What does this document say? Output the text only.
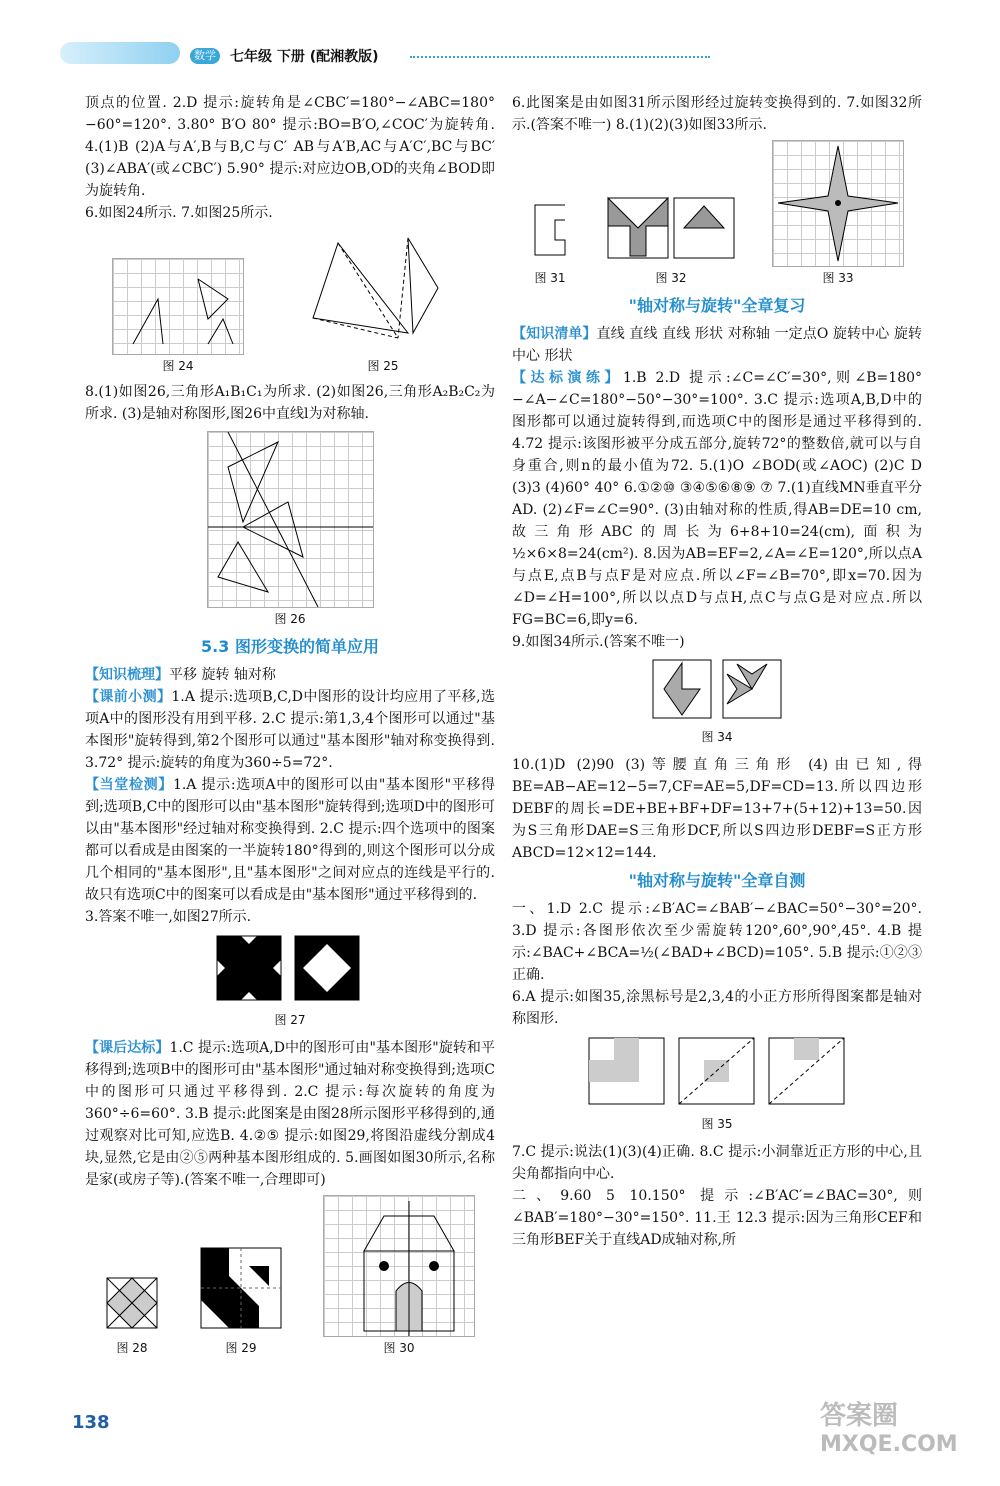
数学 七年级 下册 (配湘教版)

顶点的位置. 2.D 提示:旋转角是∠CBC′=180°−∠ABC=180°−60°=120°. 3.80° B′O 80° 提示:BO=B′O,∠COC′为旋转角. 4.(1)B (2)A与A′,B与B,C与C′ AB与A′B,AC与A′C′,BC与BC′ (3)∠ABA′(或∠CBC′) 5.90° 提示:对应边OB,OD的夹角∠BOD即为旋转角.

6.如图24所示. 7.如图25所示.

图 24	图 25

8.(1)如图26,三角形A₁B₁C₁为所求. (2)如图26,三角形A₂B₂C₂为所求. (3)是轴对称图形,图26中直线l为对称轴.

图 26
5.3 图形变换的简单应用

【知识梳理】平移 旋转 轴对称

【课前小测】1.A 提示:选项B,C,D中图形的设计均应用了平移,选项A中的图形没有用到平移. 2.C 提示:第1,3,4个图形可以通过"基本图形"旋转得到,第2个图形可以通过"基本图形"轴对称变换得到. 3.72° 提示:旋转的角度为360÷5=72°.

【当堂检测】1.A 提示:选项A中的图形可以由"基本图形"平移得到;选项B,C中的图形可以由"基本图形"旋转得到;选项D中的图形可以由"基本图形"经过轴对称变换得到. 2.C 提示:四个选项中的图案都可以看成是由图案的一半旋转180°得到的,则这个图形可以分成几个相同的"基本图形",且"基本图形"之间对应点的连线是平行的.故只有选项C中的图案可以看成是由"基本图形"通过平移得到的.

3.答案不唯一,如图27所示.

图 27

【课后达标】1.C 提示:选项A,D中的图形可由"基本图形"旋转和平移得到;选项B中的图形可由"基本图形"通过轴对称变换得到;选项C中的图形可只通过平移得到. 2.C 提示:每次旋转的角度为360°÷6=60°. 3.B 提示:此图案是由图28所示图形平移得到的,通过观察对比可知,应选B. 4.②⑤ 提示:如图29,将图沿虚线分割成4块,显然,它是由②⑤两种基本图形组成的. 5.画图如图30所示,名称是家(或房子等).(答案不唯一,合理即可)

图 28	图 29	图 30

6.此图案是由如图31所示图形经过旋转变换得到的. 7.如图32所示.(答案不唯一) 8.(1)(2)(3)如图33所示.

图 31	图 32	图 33
"轴对称与旋转"全章复习

【知识清单】直线 直线 直线 形状 对称轴 一定点O 旋转中心 旋转中心 形状

【达标演练】1.B 2.D 提示:∠C=∠C′=30°,则∠B=180°−∠A−∠C=180°−50°−30°=100°. 3.C 提示:选项A,B,D中的图形都可以通过旋转得到,而选项C中的图形是通过平移得到的. 4.72 提示:该图形被平分成五部分,旋转72°的整数倍,就可以与自身重合,则n的最小值为72. 5.(1)O ∠BOD(或∠AOC) (2)C D (3)3 (4)60° 40° 6.①②⑩ ③④⑤⑥⑧⑨ ⑦ 7.(1)直线MN垂直平分AD. (2)∠F=∠C=90°. (3)由轴对称的性质,得AB=DE=10 cm,故三角形ABC的周长为6+8+10=24(cm),面积为½×6×8=24(cm²). 8.因为AB=EF=2,∠A=∠E=120°,所以点A与点E,点B与点F是对应点.所以∠F=∠B=70°,即x=70.因为∠D=∠H=100°,所以以点D与点H,点C与点G是对应点.所以FG=BC=6,即y=6.

9.如图34所示.(答案不唯一)

图 34

10.(1)D (2)90 (3)等腰直角三角形 (4)由已知,得BE=AB−AE=12−5=7,CF=AE=5,DF=CD=13.所以四边形DEBF的周长=DE+BE+BF+DF=13+7+(5+12)+13=50.因为S三角形DAE=S三角形DCF,所以S四边形DEBF=S正方形ABCD=12×12=144.

"轴对称与旋转"全章自测

一、1.D 2.C 提示:∠B′AC=∠BAB′−∠BAC=50°−30°=20°. 3.D 提示:各图形依次至少需旋转120°,60°,90°,45°. 4.B 提示:∠BAC+∠BCA=½(∠BAD+∠BCD)=105°. 5.B 提示:①②③正确.

6.A 提示:如图35,涂黑标号是2,3,4的小正方形所得图案都是轴对称图形.

图 35

7.C 提示:说法(1)(3)(4)正确. 8.C 提示:小洞靠近正方形的中心,且尖角都指向中心.

二、9.60 5 10.150° 提示:∠B′AC′=∠BAC=30°,则∠BAB′=180°−30°=150°. 11.王 12.3 提示:因为三角形CEF和三角形BEF关于直线AD成轴对称,所

138	答案圈
MXQE.COM
